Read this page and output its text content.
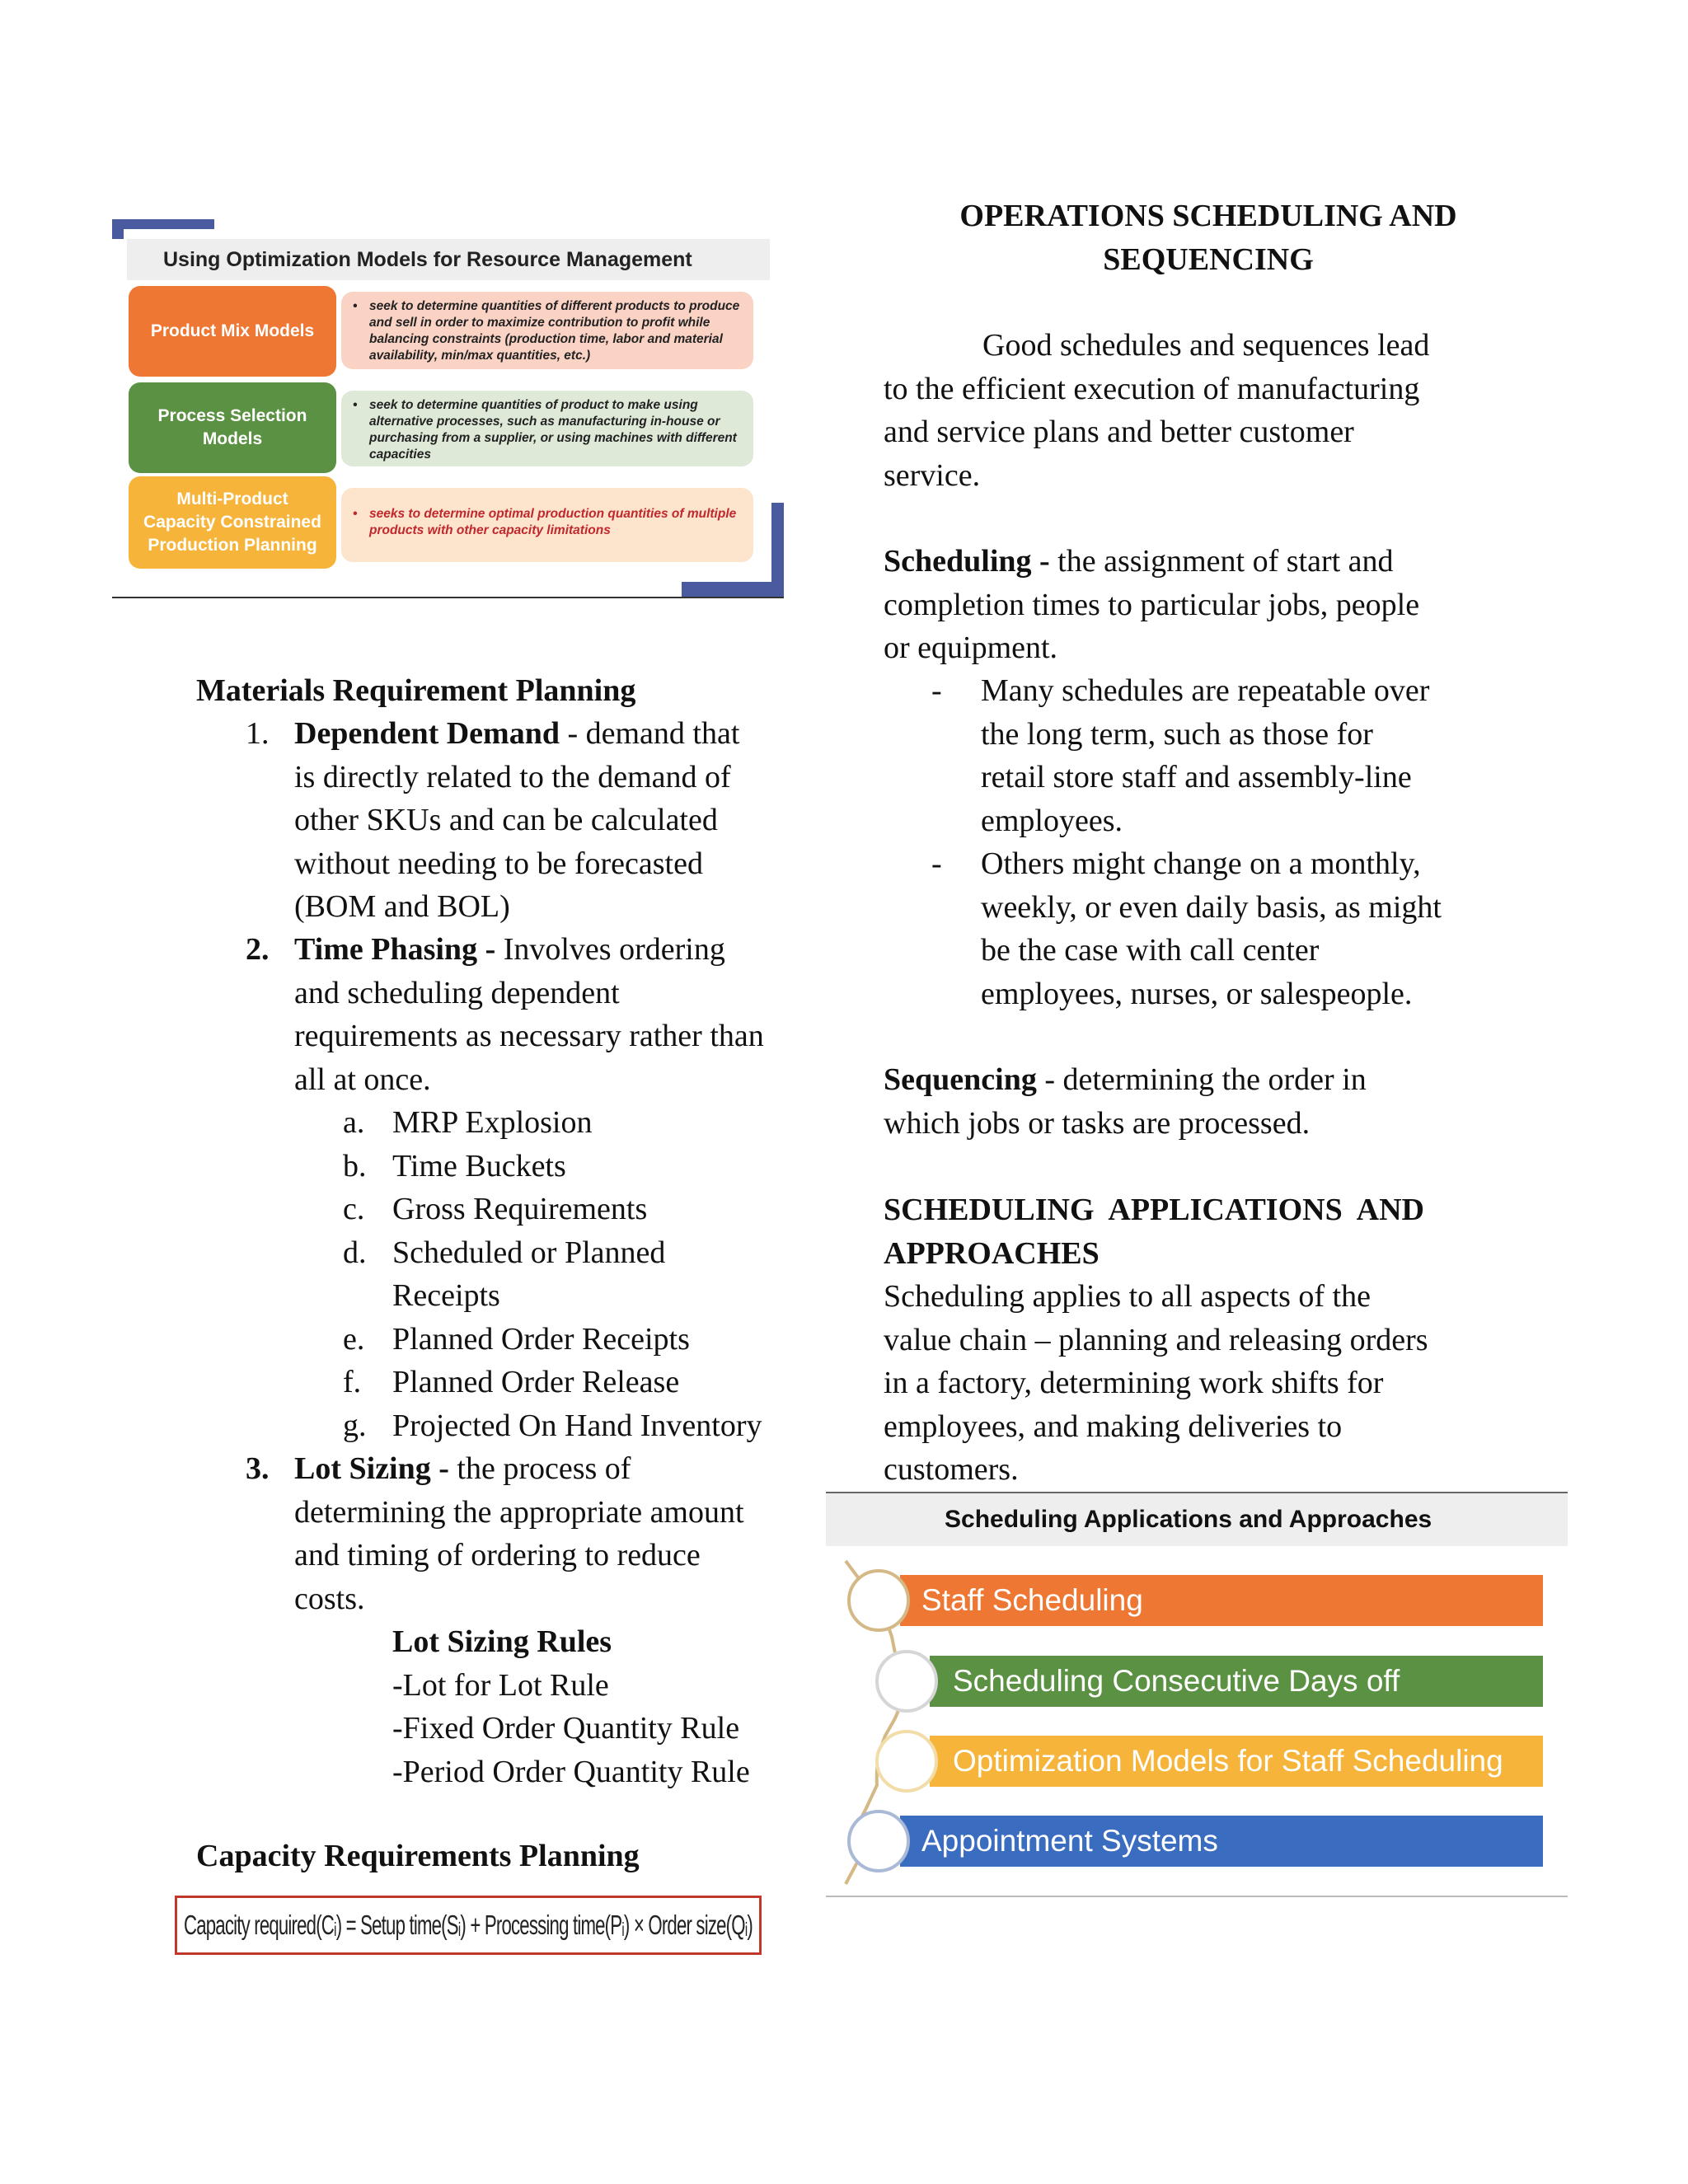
Using Optimization Models for Resource Management
Product Mix Models
• seek to determine quantities of different products to produce and sell in order to maximize contribution to profit while balancing constraints (production time, labor and material availability, min/max quantities, etc.)
Process Selection
Models
• seek to determine quantities of product to make using alternative processes, such as manufacturing in-house or purchasing from a supplier, or using machines with different capacities
Multi-Product
Capacity Constrained
Production Planning
• seeks to determine optimal production quantities of multiple products with other capacity limitations
Materials Requirement Planning
1. Dependent Demand - demand that
is directly related to the demand of
other SKUs and can be calculated
without needing to be forecasted
(BOM and BOL)
2. Time Phasing - Involves ordering
and scheduling dependent
requirements as necessary rather than
all at once.
a.
b.
c.
d.

e.
f.
g.
MRP Explosion
Time Buckets
Gross Requirements
Scheduled or Planned
Receipts
Planned Order Receipts
Planned Order Release
Projected On Hand Inventory
3. Lot Sizing - the process of
determining the appropriate amount
and timing of ordering to reduce
costs.
Lot Sizing Rules
-Lot for Lot Rule
-Fixed Order Quantity Rule
-Period Order Quantity Rule
Capacity Requirements Planning
Capacity required(Cᵢ) = Setup time(Sᵢ) + Processing time(Pᵢ) × Order size(Qᵢ)
OPERATIONS SCHEDULING AND
SEQUENCING
Good schedules and sequences lead
to the efficient execution of manufacturing
and service plans and better customer
service.
Scheduling - the assignment of start and
completion times to particular jobs, people
or equipment.
-

-
Many schedules are repeatable over
the long term, such as those for
retail store staff and assembly-line
employees.
Others might change on a monthly,
weekly, or even daily basis, as might
be the case with call center
employees, nurses, or salespeople.
Sequencing - determining the order in
which jobs or tasks are processed.
SCHEDULING  APPLICATIONS  AND
APPROACHES
Scheduling applies to all aspects of the
value chain – planning and releasing orders
in a factory, determining work shifts for
employees, and making deliveries to
customers.
Scheduling Applications and Approaches
Staff Scheduling
Scheduling Consecutive Days off
Optimization Models for Staff Scheduling
Appointment Systems
